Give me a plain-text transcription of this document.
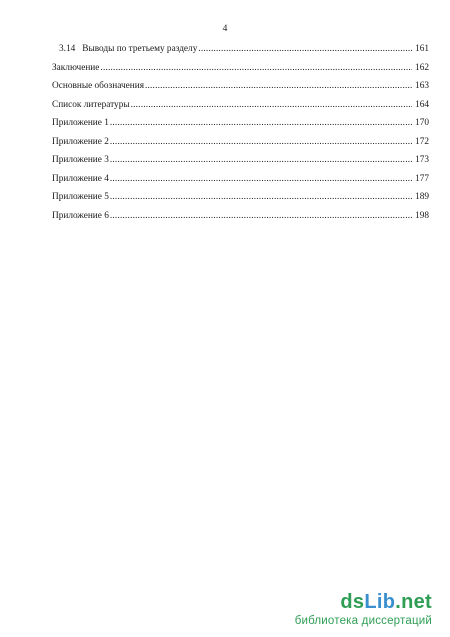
4
3.14 Выводы по третьему разделу .....	161
Заключение .....	162
Основные обозначения .....	163
Список литературы .....	164
Приложение 1 .....	170
Приложение 2 .....	172
Приложение 3 .....	173
Приложение 4 .....	177
Приложение 5 .....	189
Приложение 6 .....	198
dsLib.net
библиотека диссертаций
